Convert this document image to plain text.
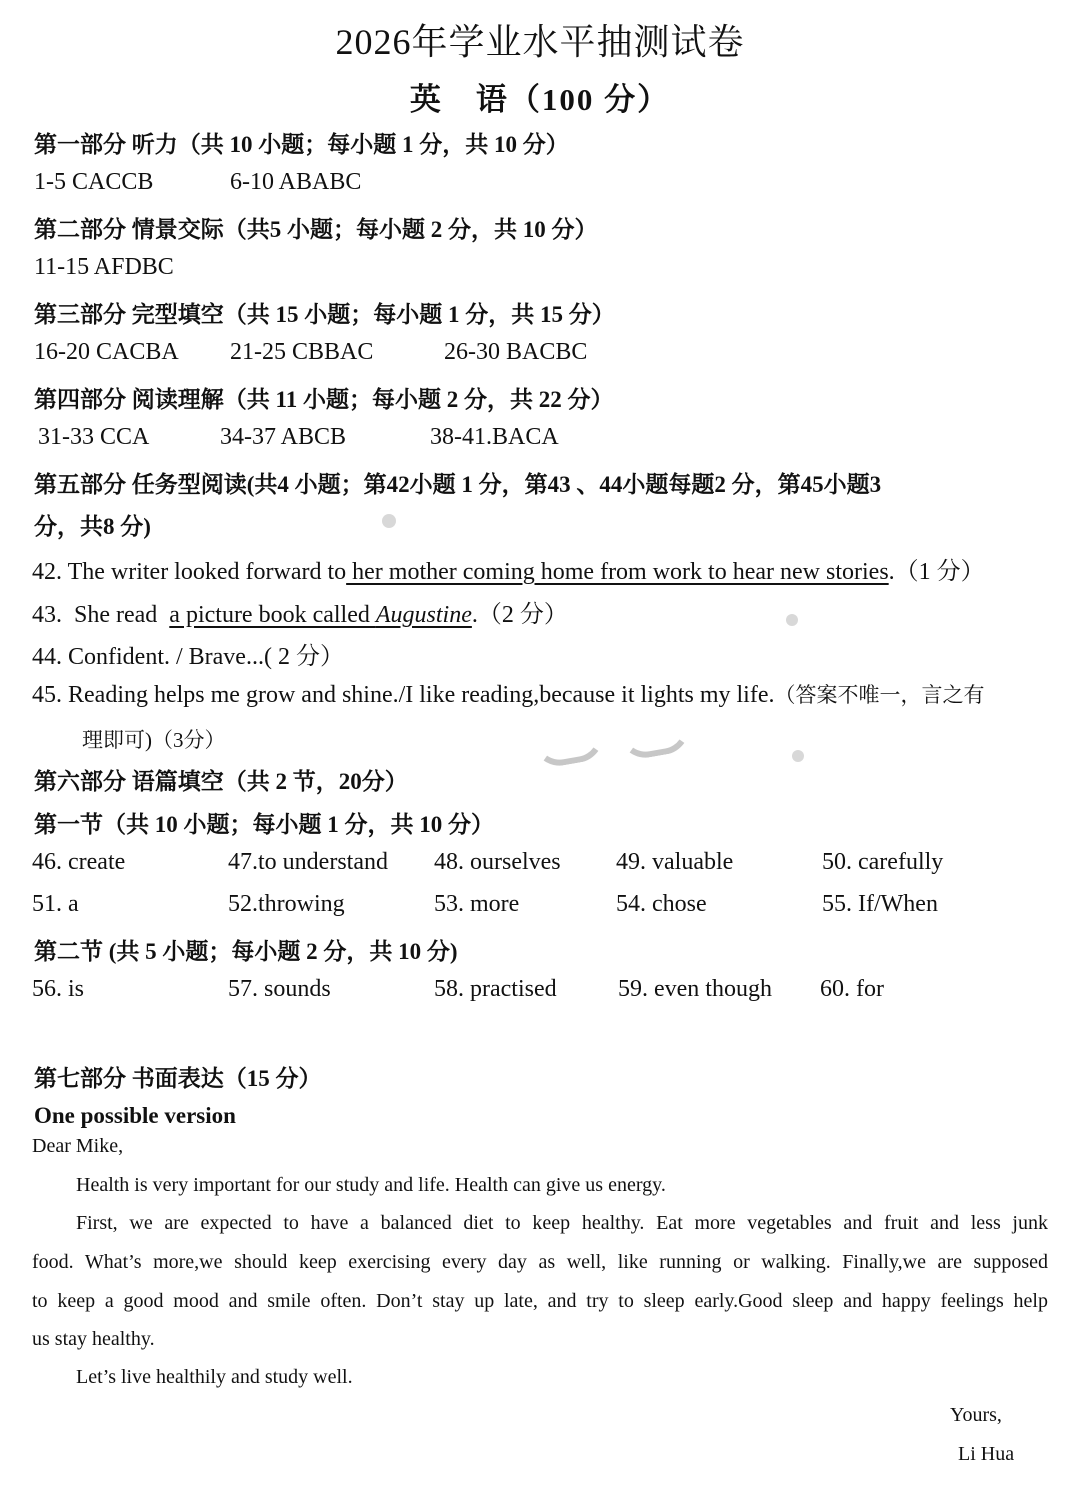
2026年学业水平抽测试卷
英　语（100 分）
第一部分 听力（共 10 小题；每小题 1 分，共 10 分）
1-5 CACCB	6-10 ABABC
第二部分 情景交际（共5 小题；每小题 2 分，共 10 分）
11-15 AFDBC
第三部分 完型填空（共 15 小题；每小题 1 分，共 15 分）
16-20 CACBA 21-25 CBBAC	26-30 BACBC
第四部分 阅读理解（共 11 小题；每小题 2 分，共 22 分）
31-33 CCA	34-37 ABCB	38-41.BACA
第五部分 任务型阅读(共4 小题；第42小题 1 分，第43 、44小题每题2 分，第45小题3
分，共8 分)
42. The writer looked forward to her mother coming home from work to hear new stories.（1 分）
43.  She read  a picture book called Augustine.（2 分）
44. Confident. / Brave...( 2 分）
45. Reading helps me grow and shine./I like reading,because it lights my life.（答案不唯一，言之有
理即可)（3分）
第六部分 语篇填空（共 2 节，20分）
第一节（共 10 小题；每小题 1 分，共 10 分）
46. create	47.to understand 48. ourselves 49. valuable	50. carefully
51. a	52.throwing	53. more	54. chose	55. If/When
第二节 (共 5 小题；每小题 2 分，共 10 分)
56. is	57. sounds	58. practised	59. even though 60. for
第七部分 书面表达（15 分）
One possible version
Dear Mike,
Health is very important for our study and life. Health can give us energy.
First, we are expected to have a balanced diet to keep healthy. Eat more vegetables and fruit and less junk
food. What’s more,we should keep exercising every day as well, like running or walking. Finally,we are supposed
to keep a good mood and smile often. Don’t stay up late, and try to sleep early.Good sleep and happy feelings help
us stay healthy.
Let’s live healthily and study well.
Yours,
Li Hua
